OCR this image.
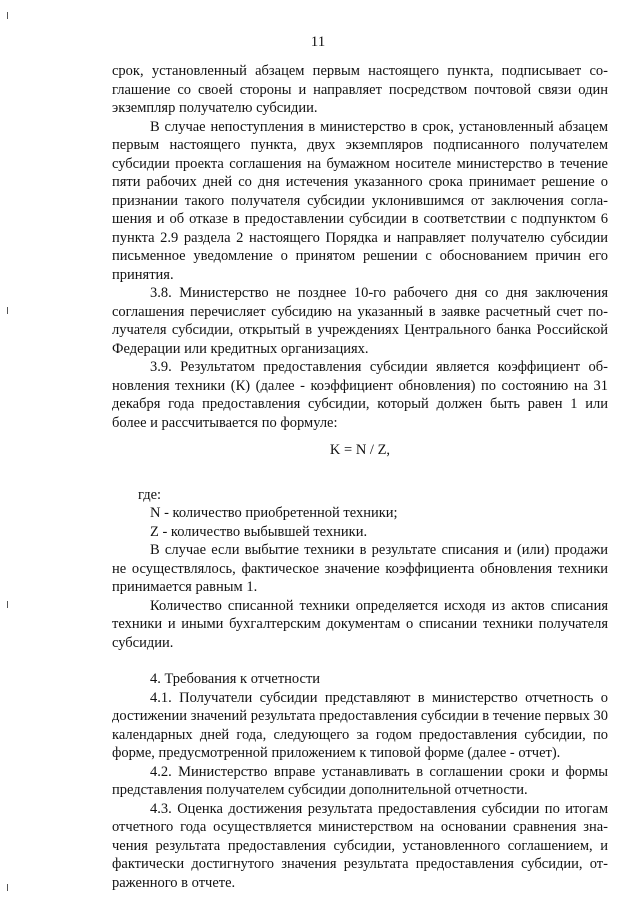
11

срок, установленный абзацем первым настоящего пункта, подписывает соглашение со своей стороны и направляет посредством почтовой связи один экземпляр получателю субсидии.

В случае непоступления в министерство в срок, установленный абзацем первым настоящего пункта, двух экземпляров подписанного получателем субсидии проекта соглашения на бумажном носителе министерство в течение пяти рабочих дней со дня истечения указанного срока принимает решение о признании такого получателя субсидии уклонившимся от заключения соглашения и об отказе в предоставлении субсидии в соответствии с подпунктом 6 пункта 2.9 раздела 2 настоящего Порядка и направляет получателю субсидии письменное уведомление о принятом решении с обоснованием причин его принятия.

3.8. Министерство не позднее 10-го рабочего дня со дня заключения соглашения перечисляет субсидию на указанный в заявке расчетный счет получателя субсидии, открытый в учреждениях Центрального банка Российской Федерации или кредитных организациях.

3.9. Результатом предоставления субсидии является коэффициент обновления техники (К) (далее - коэффициент обновления) по состоянию на 31 декабря года предоставления субсидии, который должен быть равен 1 или более и рассчитывается по формуле:

K = N / Z,

где:

N - количество приобретенной техники;

Z - количество выбывшей техники.

В случае если выбытие техники в результате списания и (или) продажи не осуществлялось, фактическое значение коэффициента обновления техники принимается равным 1.

Количество списанной техники определяется исходя из актов списания техники и иными бухгалтерским документам о списании техники получателя субсидии.

4. Требования к отчетности

4.1. Получатели субсидии представляют в министерство отчетность о достижении значений результата предоставления субсидии в течение первых 30 календарных дней года, следующего за годом предоставления субсидии, по форме, предусмотренной приложением к типовой форме (далее - отчет).

4.2. Министерство вправе устанавливать в соглашении сроки и формы представления получателем субсидии дополнительной отчетности.

4.3. Оценка достижения результата предоставления субсидии по итогам отчетного года осуществляется министерством на основании сравнения значения результата предоставления субсидии, установленного соглашением, и фактически достигнутого значения результата предоставления субсидии, отраженного в отчете.
